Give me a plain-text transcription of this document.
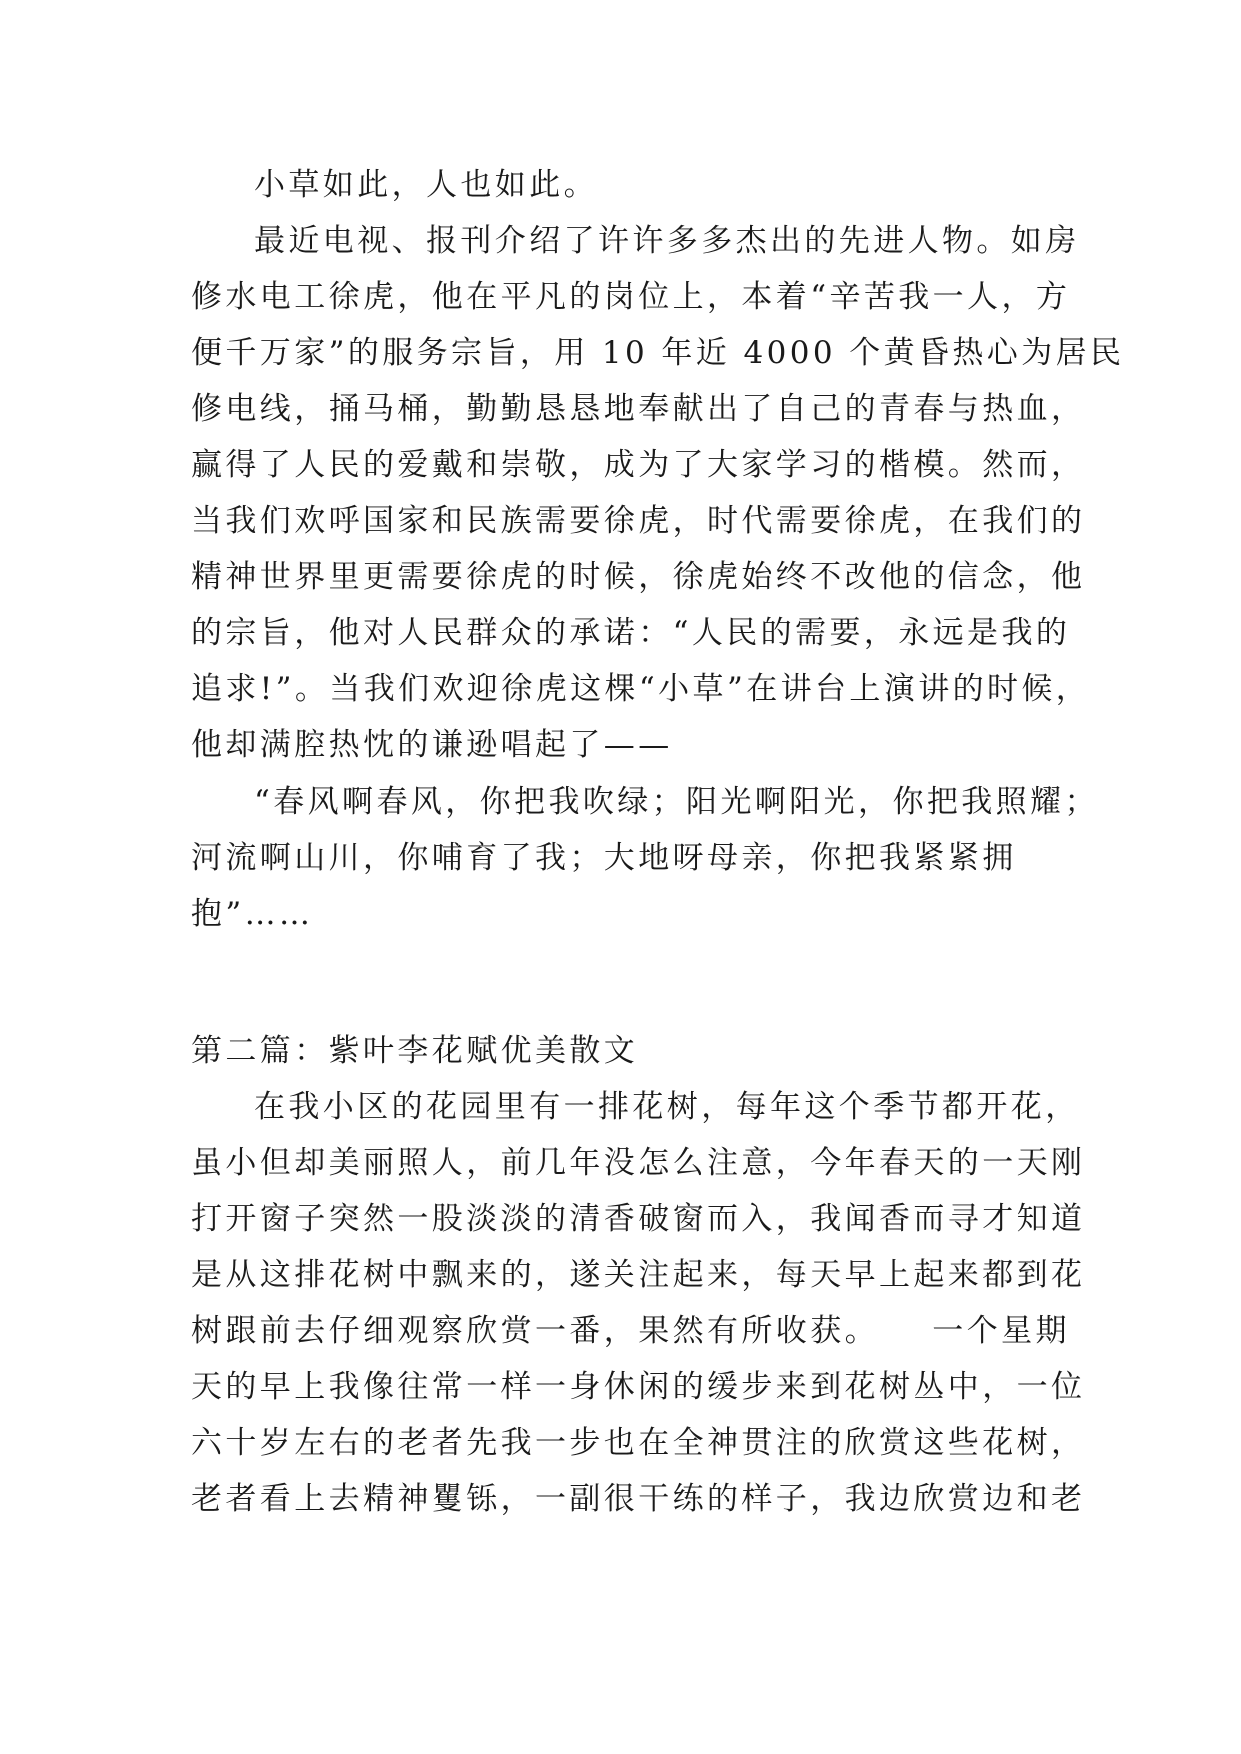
小草如此，人也如此。

最近电视、报刊介绍了许许多多杰出的先进人物。如房

修水电工徐虎，他在平凡的岗位上，本着“辛苦我一人，方

便千万家”的服务宗旨，用 10 年近 4000 个黄昏热心为居民

修电线，捅马桶，勤勤恳恳地奉献出了自己的青春与热血，

赢得了人民的爱戴和崇敬，成为了大家学习的楷模。然而，

当我们欢呼国家和民族需要徐虎，时代需要徐虎，在我们的

精神世界里更需要徐虎的时候，徐虎始终不改他的信念，他

的宗旨，他对人民群众的承诺：“人民的需要，永远是我的

追求!”。当我们欢迎徐虎这棵“小草”在讲台上演讲的时候，

他却满腔热忱的谦逊唱起了——

“春风啊春风，你把我吹绿；阳光啊阳光，你把我照耀；

河流啊山川，你哺育了我；大地呀母亲，你把我紧紧拥

抱”……

第二篇：紫叶李花赋优美散文

在我小区的花园里有一排花树，每年这个季节都开花，

虽小但却美丽照人，前几年没怎么注意，今年春天的一天刚

打开窗子突然一股淡淡的清香破窗而入，我闻香而寻才知道

是从这排花树中飘来的，遂关注起来，每天早上起来都到花

树跟前去仔细观察欣赏一番，果然有所收获。　　一个星期

天的早上我像往常一样一身休闲的缓步来到花树丛中，一位

六十岁左右的老者先我一步也在全神贯注的欣赏这些花树，

老者看上去精神矍铄，一副很干练的样子，我边欣赏边和老
